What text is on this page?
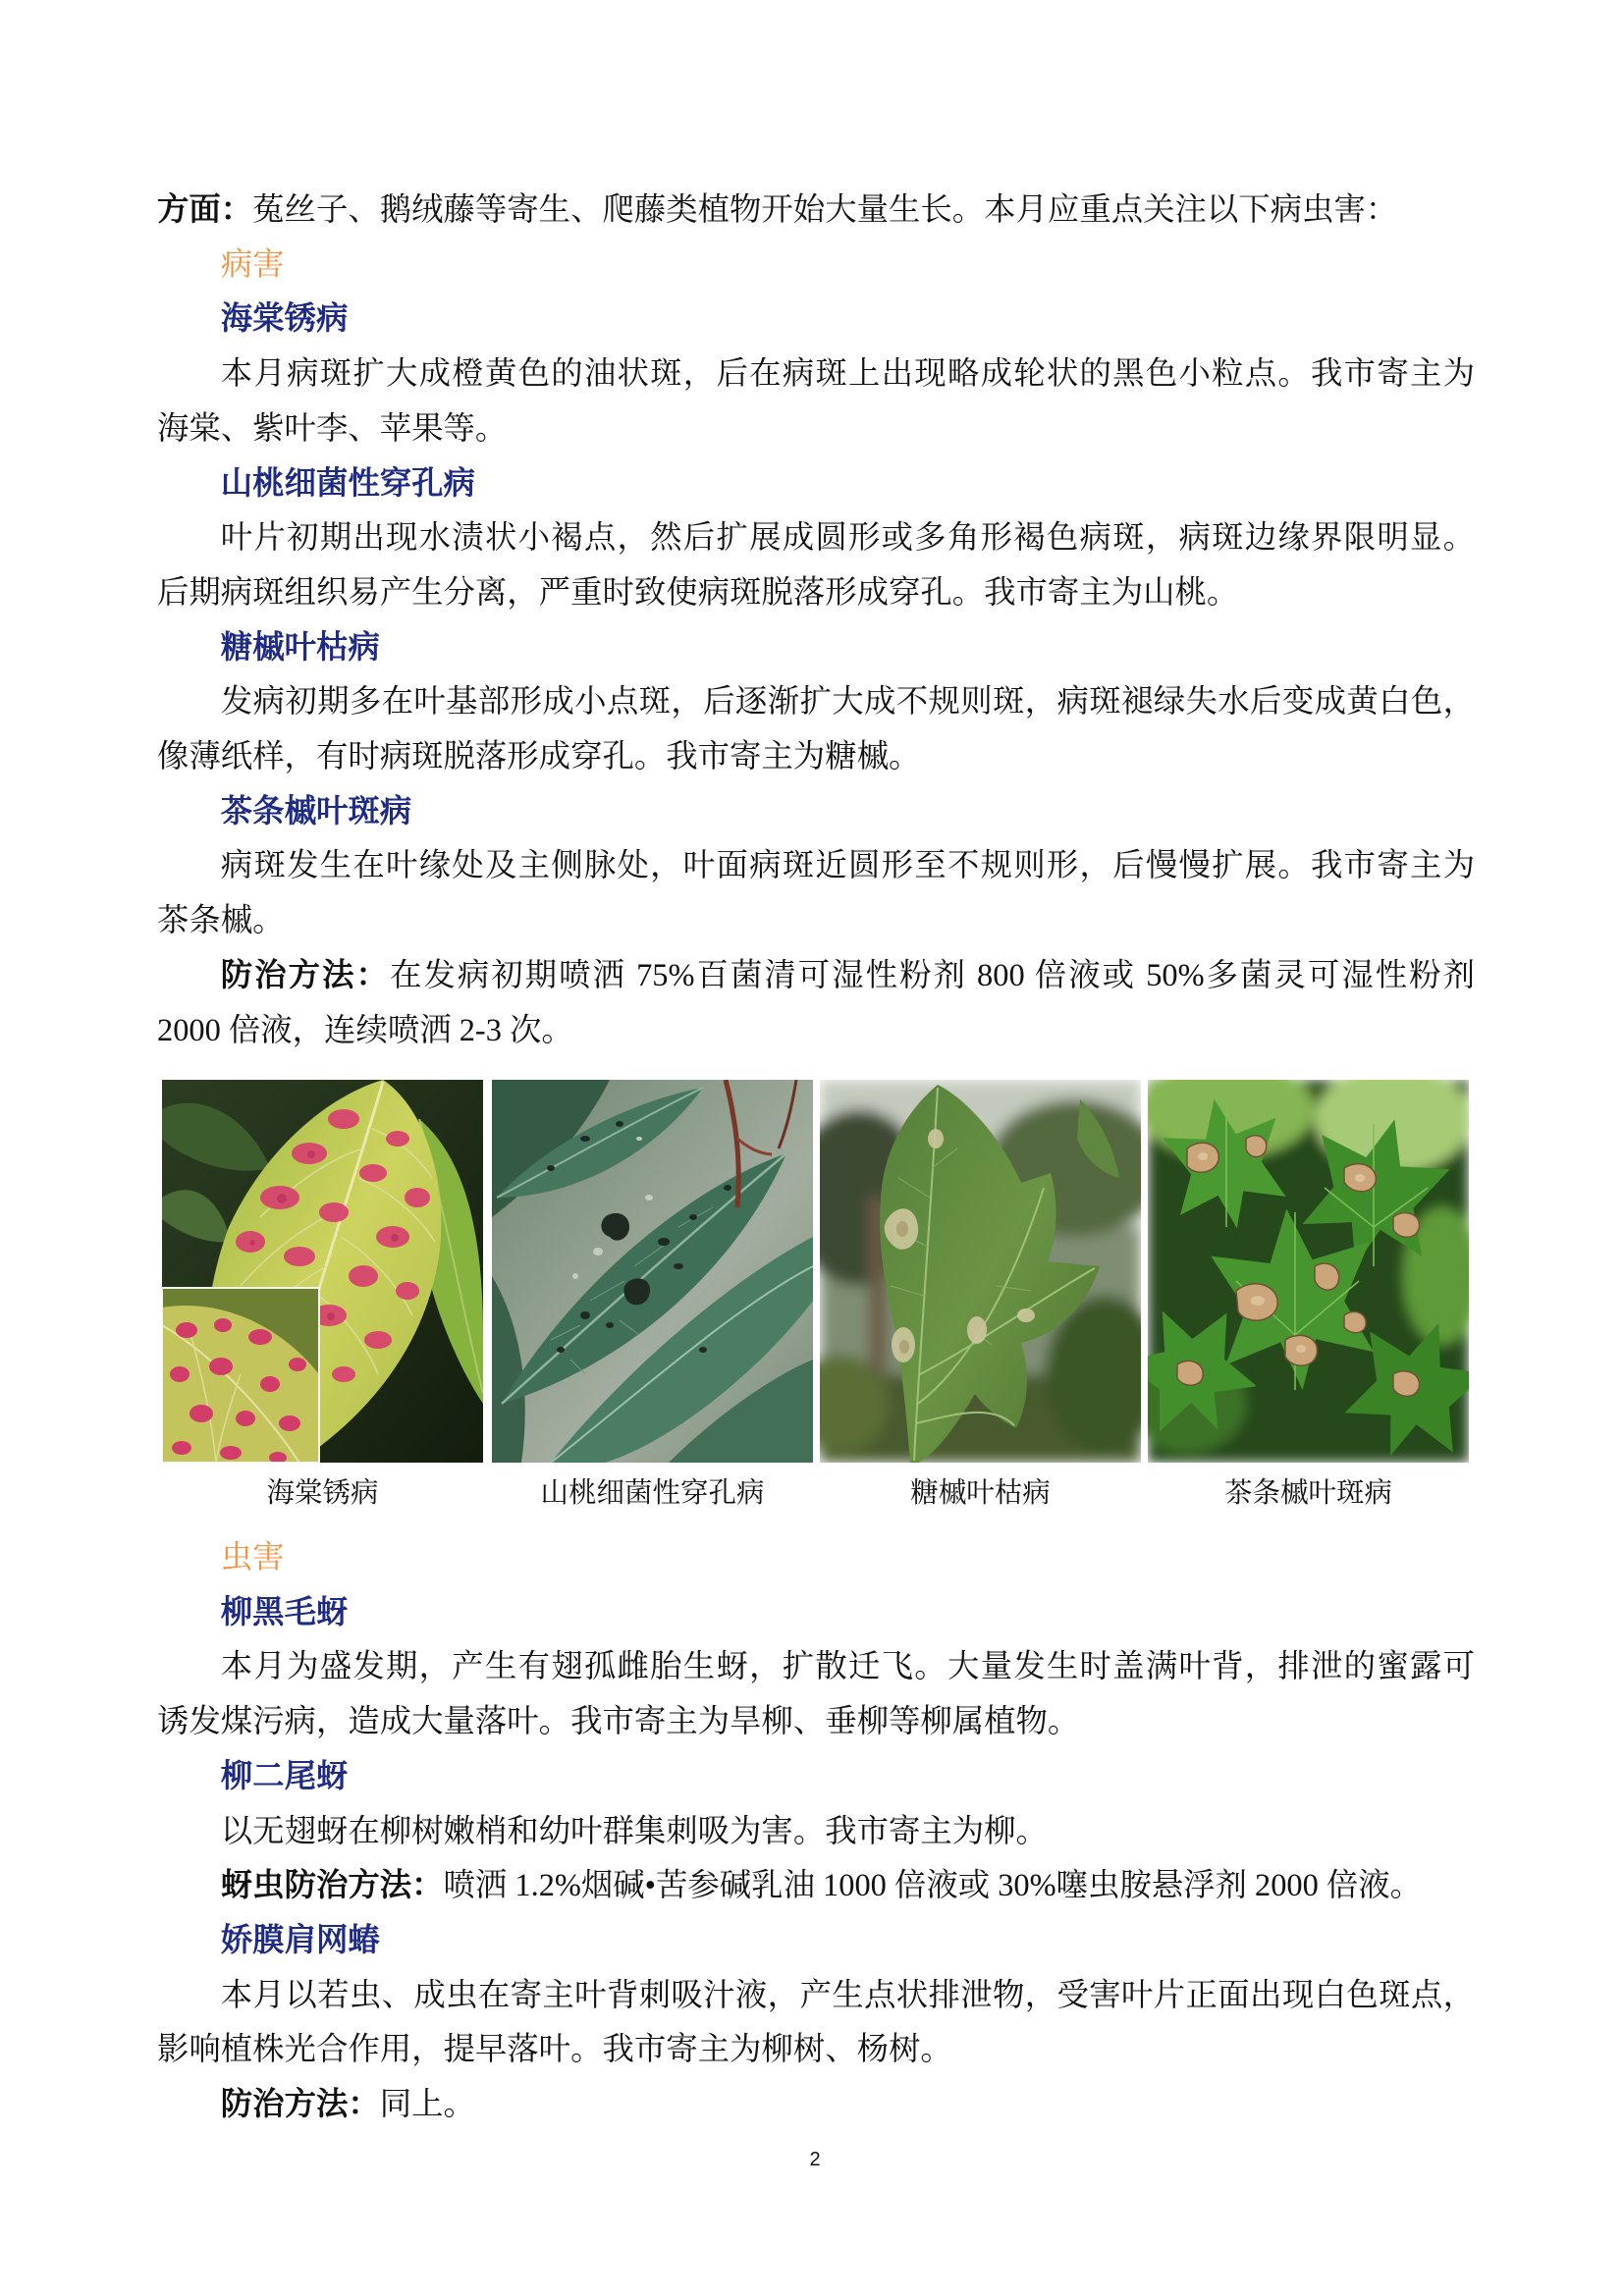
方面：菟丝子、鹅绒藤等寄生、爬藤类植物开始大量生长。本月应重点关注以下病虫害：
病害
海棠锈病
本月病斑扩大成橙黄色的油状斑，后在病斑上出现略成轮状的黑色小粒点。我市寄主为
海棠、紫叶李、苹果等。
山桃细菌性穿孔病
叶片初期出现水渍状小褐点，然后扩展成圆形或多角形褐色病斑，病斑边缘界限明显。
后期病斑组织易产生分离，严重时致使病斑脱落形成穿孔。我市寄主为山桃。
糖槭叶枯病
发病初期多在叶基部形成小点斑，后逐渐扩大成不规则斑，病斑褪绿失水后变成黄白色，
像薄纸样，有时病斑脱落形成穿孔。我市寄主为糖槭。
茶条槭叶斑病
病斑发生在叶缘处及主侧脉处，叶面病斑近圆形至不规则形，后慢慢扩展。我市寄主为
茶条槭。
防治方法：在发病初期喷洒 75%百菌清可湿性粉剂 800 倍液或 50%多菌灵可湿性粉剂
2000 倍液，连续喷洒 2-3 次。
海棠锈病	山桃细菌性穿孔病	糖槭叶枯病	茶条槭叶斑病
虫害
柳黑毛蚜
本月为盛发期，产生有翅孤雌胎生蚜，扩散迁飞。大量发生时盖满叶背，排泄的蜜露可
诱发煤污病，造成大量落叶。我市寄主为旱柳、垂柳等柳属植物。
柳二尾蚜
以无翅蚜在柳树嫩梢和幼叶群集刺吸为害。我市寄主为柳。
蚜虫防治方法：喷洒 1.2%烟碱•苦参碱乳油 1000 倍液或 30%噻虫胺悬浮剂 2000 倍液。
娇膜肩网蝽
本月以若虫、成虫在寄主叶背刺吸汁液，产生点状排泄物，受害叶片正面出现白色斑点，
影响植株光合作用，提早落叶。我市寄主为柳树、杨树。
防治方法：同上。
2
